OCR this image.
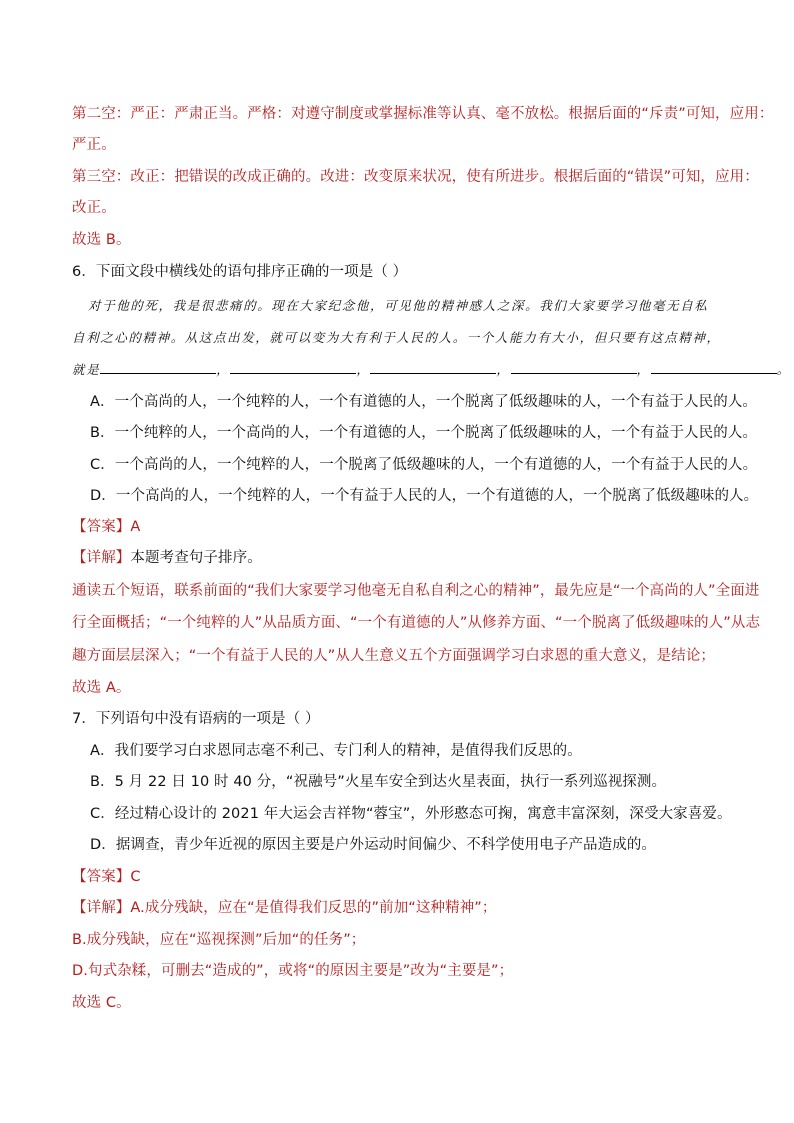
第二空：严正：严肃正当。严格：对遵守制度或掌握标准等认真、毫不放松。根据后面的“斥责”可知，应用：
严正。
第三空：改正：把错误的改成正确的。改进：改变原来状况，使有所进步。根据后面的“错误”可知，应用：
改正。
故选 B。
6．下面文段中横线处的语句排序正确的一项是（ ）
对于他的死，我是很悲痛的。现在大家纪念他，可见他的精神感人之深。我们大家要学习他毫无自私
自利之心的精神。从这点出发，就可以变为大有利于人民的人。一个人能力有大小，但只要有这点精神，
就是	，	，	，	，	。
A．一个高尚的人，一个纯粹的人，一个有道德的人，一个脱离了低级趣味的人，一个有益于人民的人。
B．一个纯粹的人，一个高尚的人，一个有道德的人，一个脱离了低级趣味的人，一个有益于人民的人。
C．一个高尚的人，一个纯粹的人，一个脱离了低级趣味的人，一个有道德的人，一个有益于人民的人。
D．一个高尚的人，一个纯粹的人，一个有益于人民的人，一个有道德的人，一个脱离了低级趣味的人。
【答案】A
【详解】本题考查句子排序。
通读五个短语，联系前面的“我们大家要学习他毫无自私自利之心的精神”，最先应是“一个高尚的人”全面进
行全面概括；“一个纯粹的人”从品质方面、“一个有道德的人”从修养方面、“一个脱离了低级趣味的人”从志
趣方面层层深入；“一个有益于人民的人”从人生意义五个方面强调学习白求恩的重大意义，是结论；
故选 A。
7．下列语句中没有语病的一项是（ ）
A．我们要学习白求恩同志毫不利己、专门利人的精神，是值得我们反思的。
B．5 月 22 日 10 时 40 分，“祝融号”火星车安全到达火星表面，执行一系列巡视探测。
C．经过精心设计的 2021 年大运会吉祥物“蓉宝”，外形憨态可掬，寓意丰富深刻，深受大家喜爱。
D．据调查，青少年近视的原因主要是户外运动时间偏少、不科学使用电子产品造成的。
【答案】C
【详解】A.成分残缺，应在“是值得我们反思的”前加“这种精神”；
B.成分残缺，应在“巡视探测”后加“的任务”；
D.句式杂糅，可删去“造成的”，或将“的原因主要是”改为“主要是”；
故选 C。
